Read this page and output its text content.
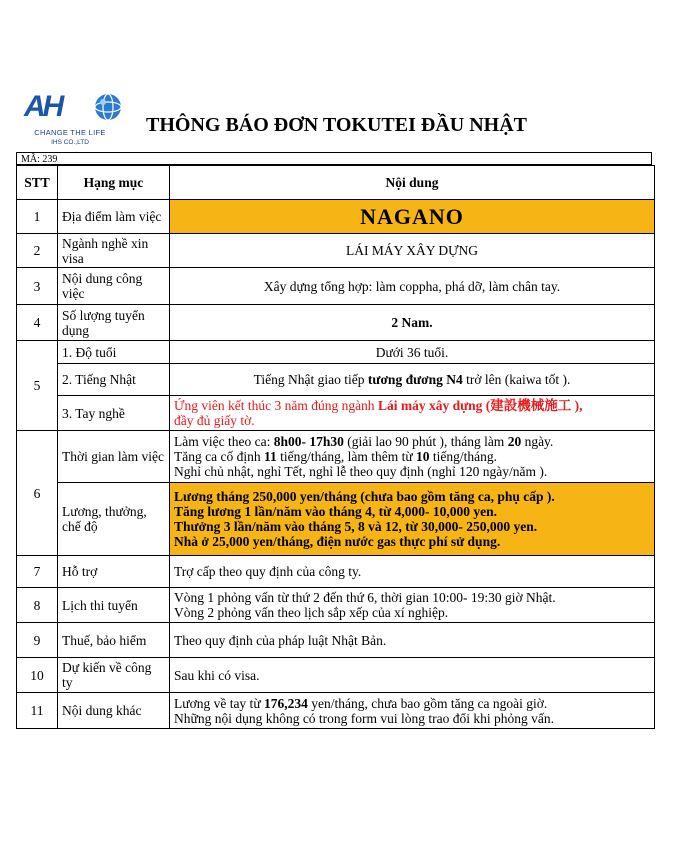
AH
CHANGE THE LIFE
IHS CO.,LTD
THÔNG BÁO ĐƠN TOKUTEI ĐẦU NHẬT
MÃ: 239
STT	Hạng mục	Nội dung
1	Địa điểm làm việc	NAGANO
2	Ngành nghề xin visa	LÁI MÁY XÂY DỰNG
3	Nội dung công việc	Xây dựng tổng hợp: làm coppha, phá dỡ, làm chân tay.
4	Số lượng tuyển dụng	2 Nam.
5	1. Độ tuổi	Dưới 36 tuổi.
	2. Tiếng Nhật	Tiếng Nhật giao tiếp tương đương N4 trở lên (kaiwa tốt ).
	3. Tay nghề	Ứng viên kết thúc 3 năm đúng ngành Lái máy xây dựng (建設機械施工 ),
đầy đủ giấy tờ.
6	Thời gian làm việc	Làm việc theo ca: 8h00- 17h30 (giải lao 90 phút ), tháng làm 20 ngày.
Tăng ca cố định 11 tiếng/tháng, làm thêm từ 10 tiếng/tháng.
Nghỉ chủ nhật, nghỉ Tết, nghỉ lễ theo quy định (nghỉ 120 ngày/năm ).

	Lương, thưởng, chế độ	Lương tháng 250,000 yen/tháng (chưa bao gồm tăng ca, phụ cấp ).
Tăng lương 1 lần/năm vào tháng 4, từ 4,000- 10,000 yen.
Thưởng 3 lần/năm vào tháng 5, 8 và 12, từ 30,000- 250,000 yen.
Nhà ở 25,000 yen/tháng, điện nước gas thực phí sử dụng.

7	Hỗ trợ	Trợ cấp theo quy định của công ty.
8	Lịch thi tuyển	Vòng 1 phỏng vấn từ thứ 2 đến thứ 6, thời gian 10:00- 19:30 giờ Nhật.
Vòng 2 phỏng vấn theo lịch sắp xếp của xí nghiệp.

9	Thuế, bảo hiểm	Theo quy định của pháp luật Nhật Bản.
10	Dự kiến về công ty	Sau khi có visa.
11	Nội dung khác	Lương về tay từ 176,234 yen/tháng, chưa bao gồm tăng ca ngoài giờ.
Những nội dụng không có trong form vui lòng trao đổi khi phỏng vấn.
